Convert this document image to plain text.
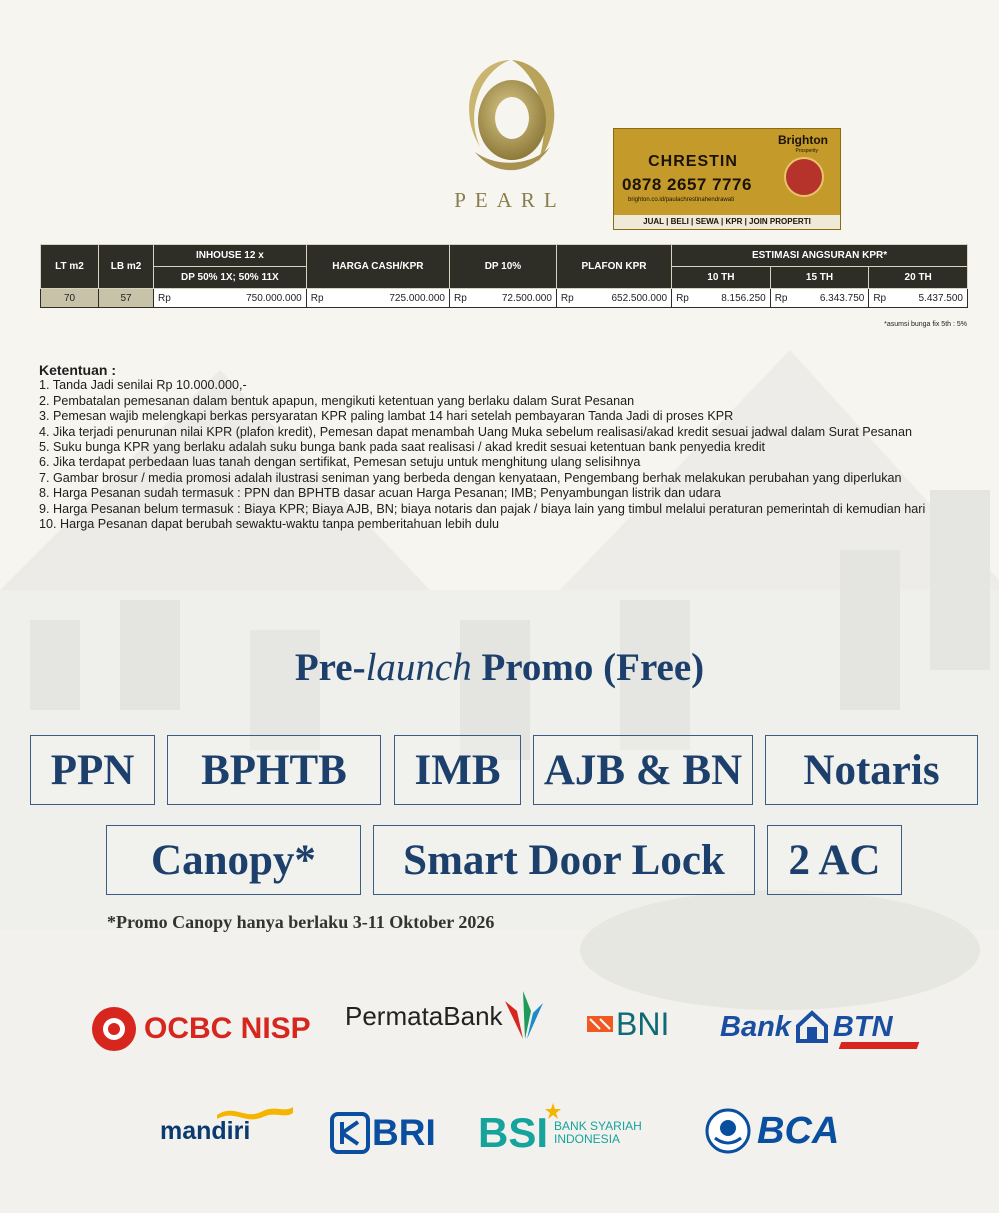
PEARL
Brighton
Prosperity
CHRESTIN
0878 2657 7776
brighton.co.id/paulachrestinahendrawati
JUAL | BELI | SEWA | KPR | JOIN PROPERTI
LT m2	LB m2	INHOUSE 12 x	HARGA CASH/KPR	DP 10%	PLAFON KPR	ESTIMASI ANGSURAN KPR*		
		DP 50% 1X; 50% 11X				10 TH	15 TH	20 TH
70	57	Rp 750.000.000	Rp 725.000.000	Rp 72.500.000	Rp 652.500.000	Rp 8.156.250	Rp 6.343.750	Rp 5.437.500
*asumsi bunga fix 5th : 5%
Ketentuan :
1. Tanda Jadi senilai Rp 10.000.000,-
2. Pembatalan pemesanan dalam bentuk apapun, mengikuti ketentuan yang berlaku dalam Surat Pesanan
3. Pemesan wajib melengkapi berkas persyaratan KPR paling lambat 14 hari setelah pembayaran Tanda Jadi di proses KPR
4. Jika terjadi penurunan nilai KPR (plafon kredit), Pemesan dapat menambah Uang Muka sebelum realisasi/akad kredit sesuai jadwal dalam Surat Pesanan
5. Suku bunga KPR yang berlaku adalah suku bunga bank pada saat realisasi / akad kredit sesuai ketentuan bank penyedia kredit
6. Jika terdapat perbedaan luas tanah dengan sertifikat, Pemesan setuju untuk menghitung ulang selisihnya
7. Gambar brosur / media promosi adalah ilustrasi seniman yang berbeda dengan kenyataan, Pengembang berhak melakukan perubahan yang diperlukan
8. Harga Pesanan sudah termasuk : PPN dan BPHTB dasar acuan Harga Pesanan; IMB; Penyambungan listrik dan udara
9. Harga Pesanan belum termasuk : Biaya KPR; Biaya AJB, BN; biaya notaris dan pajak / biaya lain yang timbul melalui peraturan pemerintah di kemudian hari
10. Harga Pesanan dapat berubah sewaktu-waktu tanpa pemberitahuan lebih dulu
Pre-launch Promo (Free)
PPN	BPHTB	IMB	AJB & BN	Notaris
Canopy*	Smart Door Lock	2 AC
*Promo Canopy hanya berlaku 3-11 Oktober 2026
OCBC NISP PermataBank	BNI Bank BTN
mandiri	BRI BSI BANK SYARIAH
INDONESIA	BCA
